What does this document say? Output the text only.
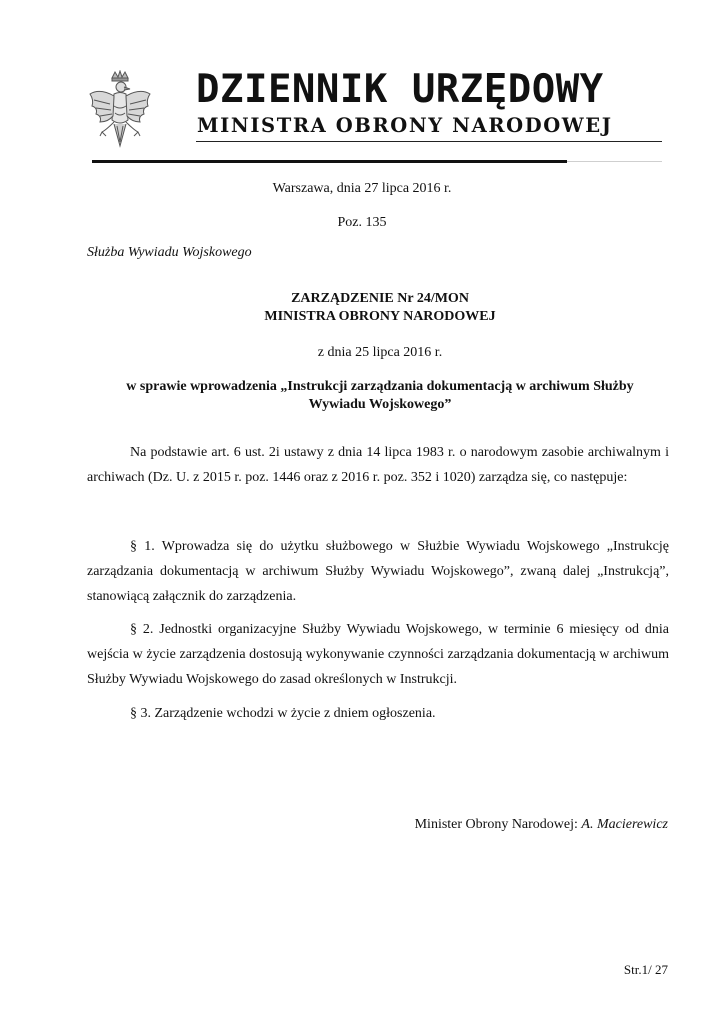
DZIENNIK URZĘDOWY
MINISTRA OBRONY NARODOWEJ
Warszawa, dnia 27 lipca 2016 r.
Poz. 135
Służba Wywiadu Wojskowego
ZARZĄDZENIE Nr 24/MON
MINISTRA OBRONY NARODOWEJ
z dnia 25 lipca 2016 r.
w sprawie wprowadzenia „Instrukcji zarządzania dokumentacją w archiwum Służby Wywiadu Wojskowego”
Na podstawie art. 6 ust. 2i ustawy z dnia 14 lipca 1983 r. o narodowym zasobie archiwalnym i archiwach (Dz. U. z 2015 r. poz. 1446 oraz z 2016 r. poz. 352 i 1020) zarządza się, co następuje:
§ 1. Wprowadza się do użytku służbowego w Służbie Wywiadu Wojskowego „Instrukcję zarządzania dokumentacją w archiwum Służby Wywiadu Wojskowego”, zwaną dalej „Instrukcją”, stanowiącą załącznik do zarządzenia.
§ 2. Jednostki organizacyjne Służby Wywiadu Wojskowego, w terminie 6 miesięcy od dnia wejścia w życie zarządzenia dostosują wykonywanie czynności zarządzania dokumentacją w archiwum Służby Wywiadu Wojskowego do zasad określonych w Instrukcji.
§ 3. Zarządzenie wchodzi w życie z dniem ogłoszenia.
Minister Obrony Narodowej: A. Macierewicz
Str.1/ 27
